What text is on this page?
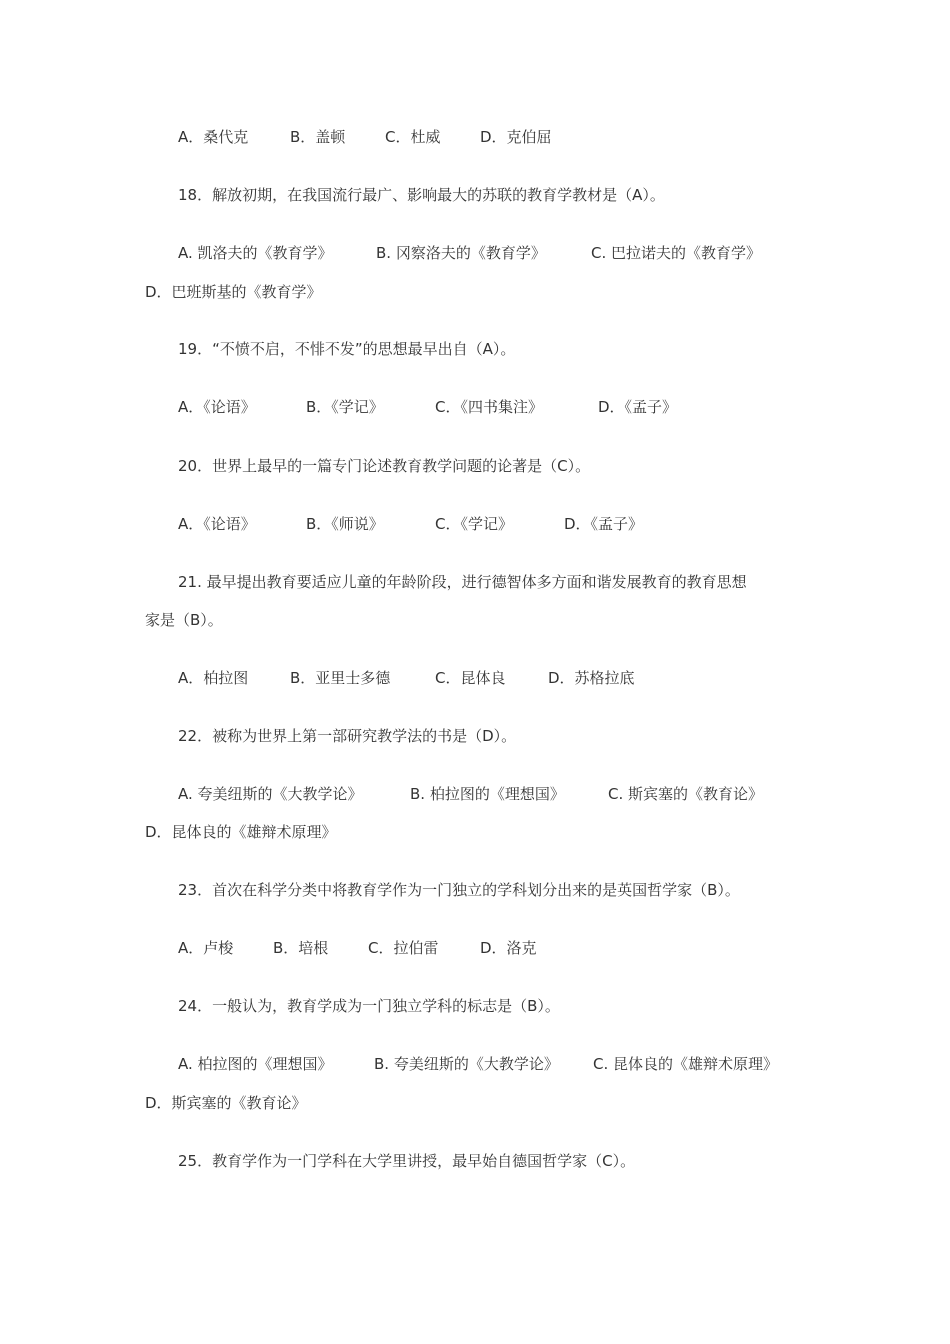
A．桑代克	B．盖顿	C．杜威	D．克伯屈
18．解放初期，在我国流行最广、影响最大的苏联的教育学教材是（A）。
A. 凯洛夫的《教育学》	B. 冈察洛夫的《教育学》	C. 巴拉诺夫的《教育学》
D．巴班斯基的《教育学》
19．“不愤不启，不悱不发”的思想最早出自（A）。
A．《论语》	B．《学记》	C．《四书集注》	D．《孟子》
20．世界上最早的一篇专门论述教育教学问题的论著是（C）。
A．《论语》	B．《师说》	C．《学记》	D．《孟子》
21. 最早提出教育要适应儿童的年龄阶段，进行德智体多方面和谐发展教育的教育思想
家是（B）。
A．柏拉图	B．亚里士多德	C．昆体良	D．苏格拉底
22．被称为世界上第一部研究教学法的书是（D）。
A. 夸美纽斯的《大教学论》	B. 柏拉图的《理想国》	C. 斯宾塞的《教育论》
D．昆体良的《雄辩术原理》
23．首次在科学分类中将教育学作为一门独立的学科划分出来的是英国哲学家（B）。
A．卢梭	B．培根	C．拉伯雷	D．洛克
24．一般认为，教育学成为一门独立学科的标志是（B）。
A. 柏拉图的《理想国》	B. 夸美纽斯的《大教学论》 C. 昆体良的《雄辩术原理》
D．斯宾塞的《教育论》
25．教育学作为一门学科在大学里讲授，最早始自德国哲学家（C）。
